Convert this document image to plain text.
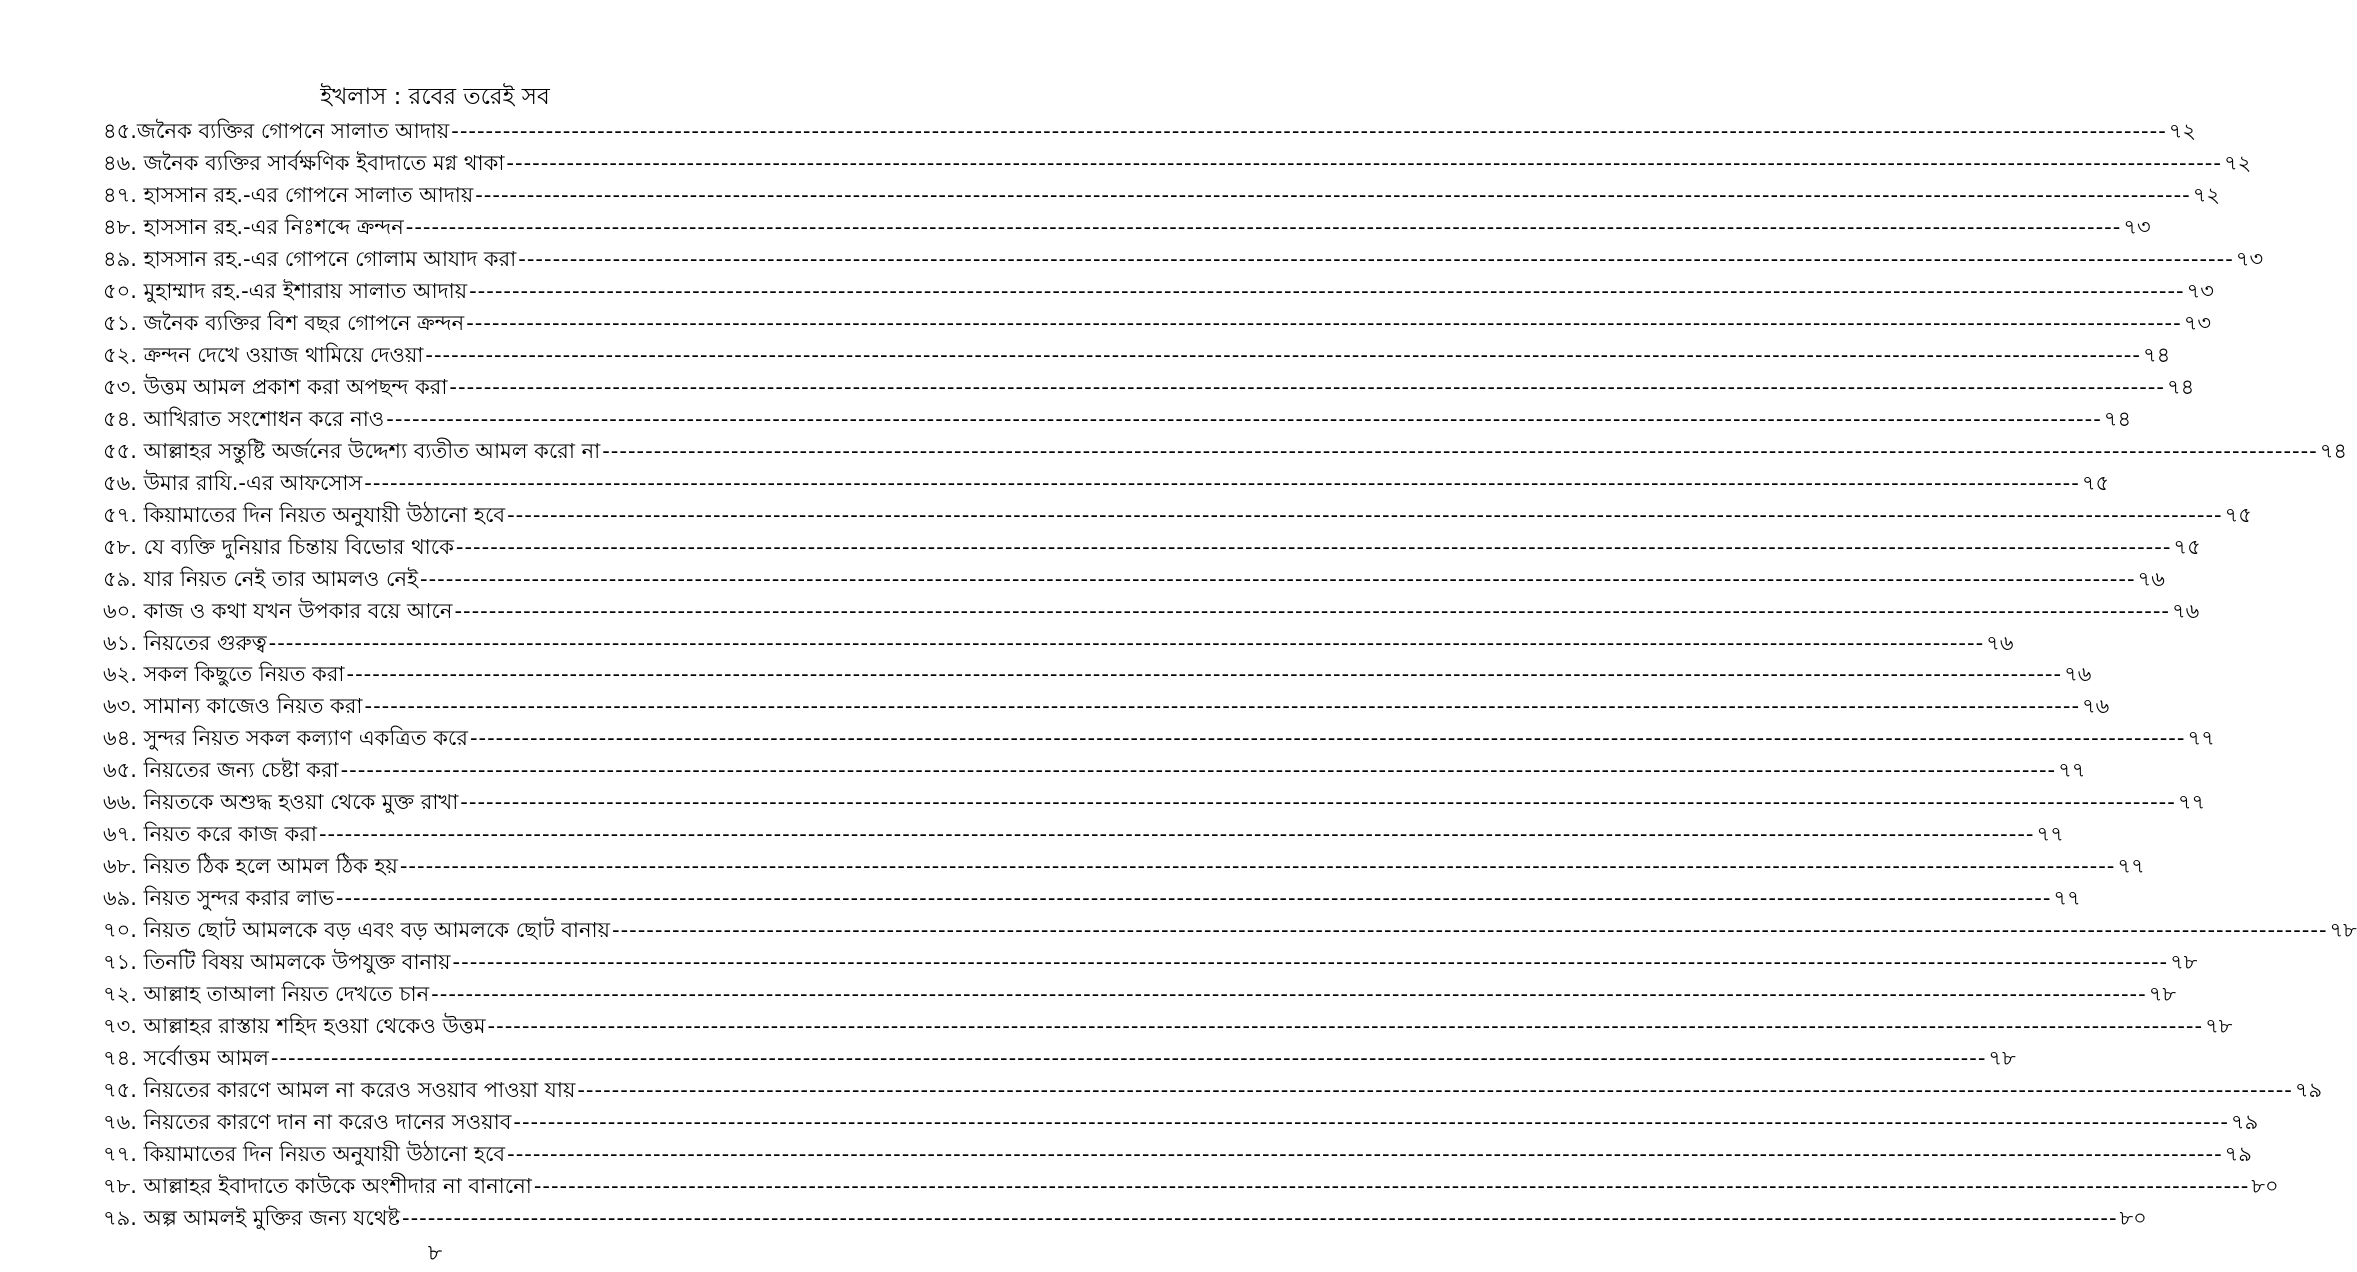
ইখলাস : রবের তরেই সব
৪৫.জনৈক ব্যক্তির গোপনে সালাত আদায় -------------------------------------------------------------------------------------------------------------------------------------------------------------------------------------------------------- ৭২
৪৬. জনৈক ব্যক্তির সার্বক্ষণিক ইবাদাতে মগ্ন থাকা -------------------------------------------------------------------------------------------------------------------------------------------------------------------------------------------------------- ৭২
৪৭. হাসসান রহ.-এর গোপনে সালাত আদায় -------------------------------------------------------------------------------------------------------------------------------------------------------------------------------------------------------- ৭২
৪৮. হাসসান রহ.-এর নিঃশব্দে ক্রন্দন -------------------------------------------------------------------------------------------------------------------------------------------------------------------------------------------------------- ৭৩
৪৯. হাসসান রহ.-এর গোপনে গোলাম আযাদ করা -------------------------------------------------------------------------------------------------------------------------------------------------------------------------------------------------------- ৭৩
৫০. মুহাম্মাদ রহ.-এর ইশারায় সালাত আদায় -------------------------------------------------------------------------------------------------------------------------------------------------------------------------------------------------------- ৭৩
৫১. জনৈক ব্যক্তির বিশ বছর গোপনে ক্রন্দন -------------------------------------------------------------------------------------------------------------------------------------------------------------------------------------------------------- ৭৩
৫২. ক্রন্দন দেখে ওয়াজ থামিয়ে দেওয়া -------------------------------------------------------------------------------------------------------------------------------------------------------------------------------------------------------- ৭৪
৫৩. উত্তম আমল প্রকাশ করা অপছন্দ করা -------------------------------------------------------------------------------------------------------------------------------------------------------------------------------------------------------- ৭৪
৫৪. আখিরাত সংশোধন করে নাও -------------------------------------------------------------------------------------------------------------------------------------------------------------------------------------------------------- ৭৪
৫৫. আল্লাহর সন্তুষ্টি অর্জনের উদ্দেশ্য ব্যতীত আমল করো না -------------------------------------------------------------------------------------------------------------------------------------------------------------------------------------------------------- ৭৪
৫৬. উমার রাযি.-এর আফসোস -------------------------------------------------------------------------------------------------------------------------------------------------------------------------------------------------------- ৭৫
৫৭. কিয়ামাতের দিন নিয়ত অনুযায়ী উঠানো হবে -------------------------------------------------------------------------------------------------------------------------------------------------------------------------------------------------------- ৭৫
৫৮. যে ব্যক্তি দুনিয়ার চিন্তায় বিভোর থাকে -------------------------------------------------------------------------------------------------------------------------------------------------------------------------------------------------------- ৭৫
৫৯. যার নিয়ত নেই তার আমলও নেই -------------------------------------------------------------------------------------------------------------------------------------------------------------------------------------------------------- ৭৬
৬০. কাজ ও কথা যখন উপকার বয়ে আনে -------------------------------------------------------------------------------------------------------------------------------------------------------------------------------------------------------- ৭৬
৬১. নিয়তের গুরুত্ব -------------------------------------------------------------------------------------------------------------------------------------------------------------------------------------------------------- ৭৬
৬২. সকল কিছুতে নিয়ত করা -------------------------------------------------------------------------------------------------------------------------------------------------------------------------------------------------------- ৭৬
৬৩. সামান্য কাজেও নিয়ত করা -------------------------------------------------------------------------------------------------------------------------------------------------------------------------------------------------------- ৭৬
৬৪. সুন্দর নিয়ত সকল কল্যাণ একত্রিত করে -------------------------------------------------------------------------------------------------------------------------------------------------------------------------------------------------------- ৭৭
৬৫. নিয়তের জন্য চেষ্টা করা -------------------------------------------------------------------------------------------------------------------------------------------------------------------------------------------------------- ৭৭
৬৬. নিয়তকে অশুদ্ধ হওয়া থেকে মুক্ত রাখা -------------------------------------------------------------------------------------------------------------------------------------------------------------------------------------------------------- ৭৭
৬৭. নিয়ত করে কাজ করা -------------------------------------------------------------------------------------------------------------------------------------------------------------------------------------------------------- ৭৭
৬৮. নিয়ত ঠিক হলে আমল ঠিক হয় -------------------------------------------------------------------------------------------------------------------------------------------------------------------------------------------------------- ৭৭
৬৯. নিয়ত সুন্দর করার লাভ -------------------------------------------------------------------------------------------------------------------------------------------------------------------------------------------------------- ৭৭
৭০. নিয়ত ছোট আমলকে বড় এবং বড় আমলকে ছোট বানায় -------------------------------------------------------------------------------------------------------------------------------------------------------------------------------------------------------- ৭৮
৭১. তিনটি বিষয় আমলকে উপযুক্ত বানায় -------------------------------------------------------------------------------------------------------------------------------------------------------------------------------------------------------- ৭৮
৭২. আল্লাহ তাআলা নিয়ত দেখতে চান -------------------------------------------------------------------------------------------------------------------------------------------------------------------------------------------------------- ৭৮
৭৩. আল্লাহর রাস্তায় শহিদ হওয়া থেকেও উত্তম -------------------------------------------------------------------------------------------------------------------------------------------------------------------------------------------------------- ৭৮
৭৪. সর্বোত্তম আমল -------------------------------------------------------------------------------------------------------------------------------------------------------------------------------------------------------- ৭৮
৭৫. নিয়তের কারণে আমল না করেও সওয়াব পাওয়া যায় -------------------------------------------------------------------------------------------------------------------------------------------------------------------------------------------------------- ৭৯
৭৬. নিয়তের কারণে দান না করেও দানের সওয়াব -------------------------------------------------------------------------------------------------------------------------------------------------------------------------------------------------------- ৭৯
৭৭. কিয়ামাতের দিন নিয়ত অনুযায়ী উঠানো হবে -------------------------------------------------------------------------------------------------------------------------------------------------------------------------------------------------------- ৭৯
৭৮. আল্লাহর ইবাদাতে কাউকে অংশীদার না বানানো -------------------------------------------------------------------------------------------------------------------------------------------------------------------------------------------------------- ৮০
৭৯. অল্প আমলই মুক্তির জন্য যথেষ্ট -------------------------------------------------------------------------------------------------------------------------------------------------------------------------------------------------------- ৮০
৮
